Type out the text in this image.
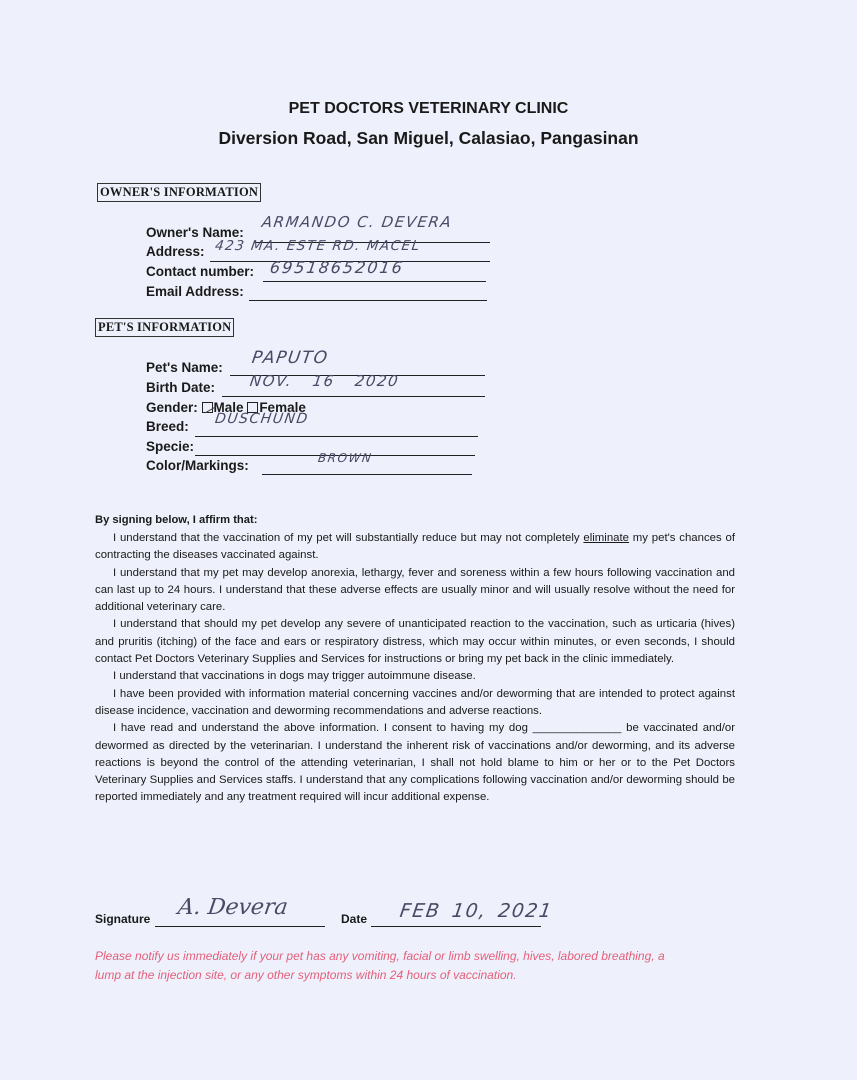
PET DOCTORS VETERINARY CLINIC
Diversion Road, San Miguel, Calasiao, Pangasinan
OWNER'S INFORMATION
Owner's Name:
ARMANDO C. DEVERA
Address: 423 MA. ESTE RD. MACEL
Contact number: 69518652016
Email Address:
PET'S INFORMATION
Pet's Name: PAPUTO
Birth Date: NOV. 16 2020
Gender: Male Female
Breed: DUSCHUND
Specie:
Color/Markings:	BROWN
By signing below, I affirm that:
I understand that the vaccination of my pet will substantially reduce but may not completely eliminate my pet's chances of contracting the diseases vaccinated against.
I understand that my pet may develop anorexia, lethargy, fever and soreness within a few hours following vaccination and can last up to 24 hours. I understand that these adverse effects are usually minor and will usually resolve without the need for additional veterinary care.
I understand that should my pet develop any severe of unanticipated reaction to the vaccination, such as urticaria (hives) and pruritis (itching) of the face and ears or respiratory distress, which may occur within minutes, or even seconds, I should contact Pet Doctors Veterinary Supplies and Services for instructions or bring my pet back in the clinic immediately.
I understand that vaccinations in dogs may trigger autoimmune disease.
I have been provided with information material concerning vaccines and/or deworming that are intended to protect against disease incidence, vaccination and deworming recommendations and adverse reactions.
I have read and understand the above information. I consent to having my dog ______________ be vaccinated and/or dewormed as directed by the veterinarian. I understand the inherent risk of vaccinations and/or deworming, and its adverse reactions is beyond the control of the attending veterinarian, I shall not hold blame to him or her or to the Pet Doctors Veterinary Supplies and Services staffs. I understand that any complications following vaccination and/or deworming should be reported immediately and any treatment required will incur additional expense.
Signature A. Devera	Date FEB 10, 2021
Please notify us immediately if your pet has any vomiting, facial or limb swelling, hives, labored breathing, a lump at the injection site, or any other symptoms within 24 hours of vaccination.
